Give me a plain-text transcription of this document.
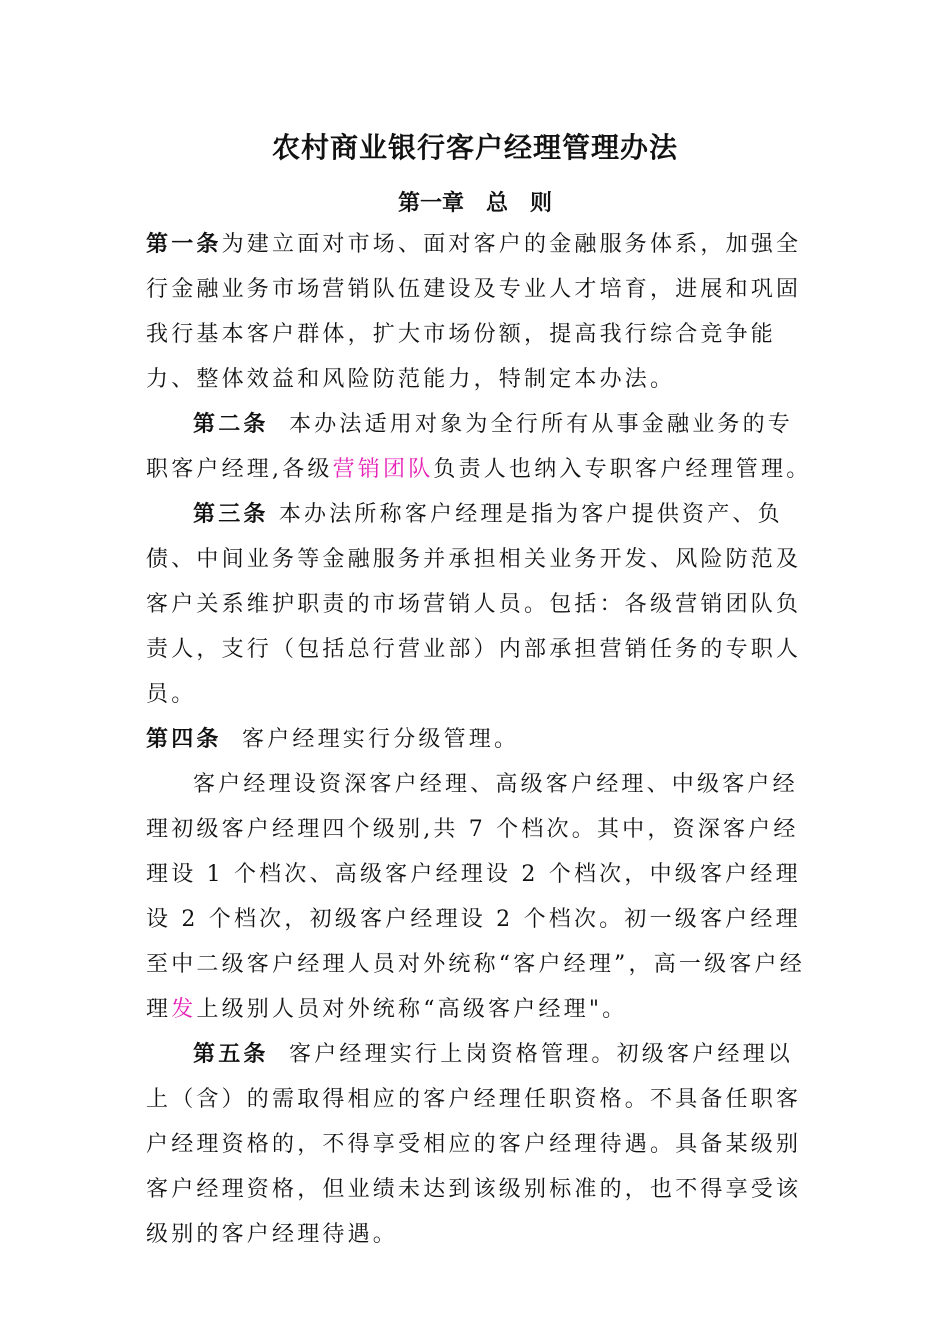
农村商业银行客户经理管理办法
第一章　总　则

第一条为建立面对市场、面对客户的金融服务体系，加强全行金融业务市场营销队伍建设及专业人才培育，进展和巩固我行基本客户群体，扩大市场份额，提高我行综合竞争能力、整体效益和风险防范能力，特制定本办法。

第二条 本办法适用对象为全行所有从事金融业务的专职客户经理,各级营销团队负责人也纳入专职客户经理管理。

第三条 本办法所称客户经理是指为客户提供资产、负债、中间业务等金融服务并承担相关业务开发、风险防范及客户关系维护职责的市场营销人员。包括：各级营销团队负责人，支行（包括总行营业部）内部承担营销任务的专职人员。

第四条 客户经理实行分级管理。

客户经理设资深客户经理、高级客户经理、中级客户经理初级客户经理四个级别,共 7 个档次。其中，资深客户经理设 1 个档次、高级客户经理设 2 个档次，中级客户经理设 2 个档次，初级客户经理设 2 个档次。初一级客户经理至中二级客户经理人员对外统称“客户经理”，高一级客户经理发上级别人员对外统称“高级客户经理"。

第五条 客户经理实行上岗资格管理。初级客户经理以上（含）的需取得相应的客户经理任职资格。不具备任职客户经理资格的，不得享受相应的客户经理待遇。具备某级别客户经理资格，但业绩未达到该级别标准的，也不得享受该级别的客户经理待遇。
